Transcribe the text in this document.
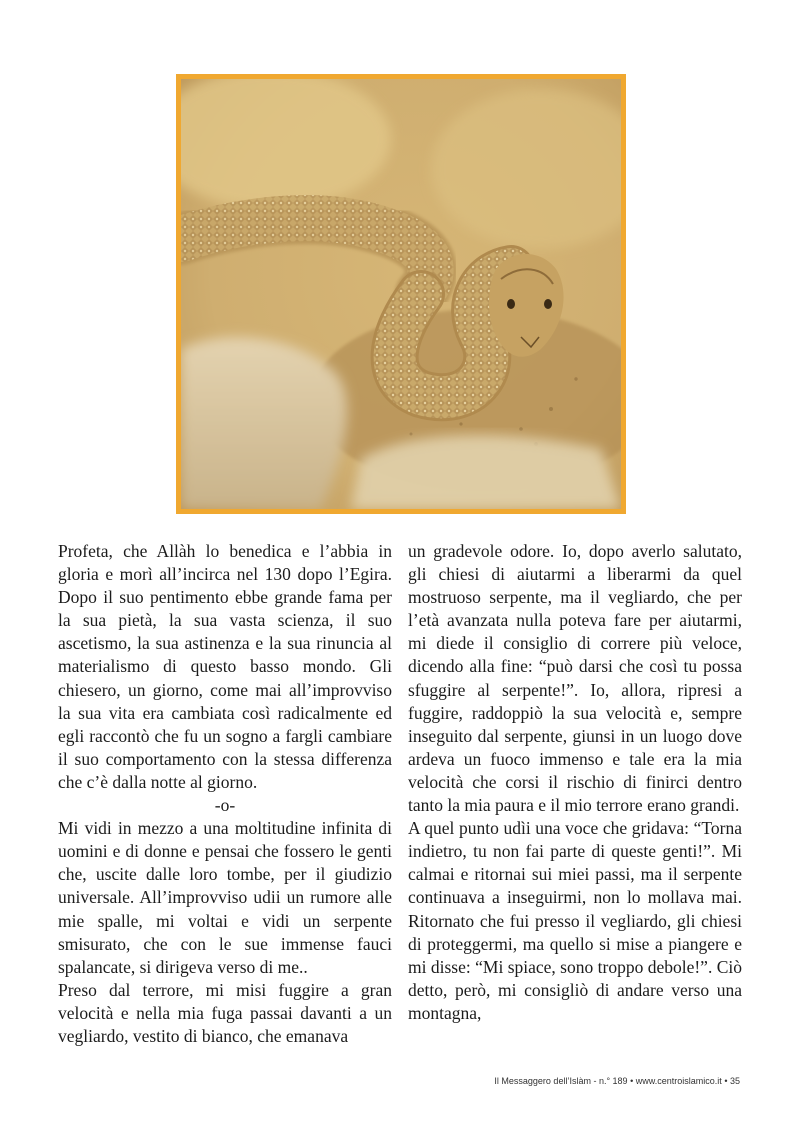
Profeta, che Allàh lo benedica e l’abbia in gloria e morì all’incirca nel 130 dopo l’Egira. Dopo il suo pentimento ebbe grande fama per la sua pietà, la sua vasta scienza, il suo ascetismo, la sua astinenza e la sua rinuncia al materialismo di questo basso mondo. Gli chiesero, un giorno, come mai all’improvviso la sua vita era cambiata così radicalmente ed egli raccontò che fu un sogno a fargli cambiare il suo comportamento con la stessa differenza che c’è dalla notte al giorno.

-o-

Mi vidi in mezzo a una moltitudine infinita di uomini e di donne e pensai che fossero le genti che, uscite dalle loro tombe, per il giudizio universale. All’improvviso udii un rumore alle mie spalle, mi voltai e vidi un serpente smisurato, che con le sue immense fauci spalancate, si dirigeva verso di me..

Preso dal terrore, mi misi fuggire a gran velocità e nella mia fuga passai davanti a un vegliardo, vestito di bianco, che emanava

un gradevole odore. Io, dopo averlo salutato, gli chiesi di aiutarmi a liberarmi da quel mostruoso serpente, ma il vegliardo, che per l’età avanzata nulla poteva fare per aiutarmi, mi diede il consiglio di correre più veloce, dicendo alla fine: “può darsi che così tu possa sfuggire al serpente!”. Io, allora, ripresi a fuggire, raddoppiò la sua velocità e, sempre inseguito dal serpente, giunsi in un luogo dove ardeva un fuoco immenso e tale era la mia velocità che corsi il rischio di finirci dentro tanto la mia paura e il mio terrore erano grandi.

A quel punto udìi una voce che gridava: “Torna indietro, tu non fai parte di queste genti!”. Mi calmai e ritornai sui miei passi, ma il serpente continuava a inseguirmi, non lo mollava mai. Ritornato che fui presso il vegliardo, gli chiesi di proteggermi, ma quello si mise a piangere e mi disse: “Mi spiace, sono troppo debole!”. Ciò detto, però, mi consigliò di andare verso una montagna,

Il Messaggero dell’Islàm - n.° 189 • www.centroislamico.it • 35
